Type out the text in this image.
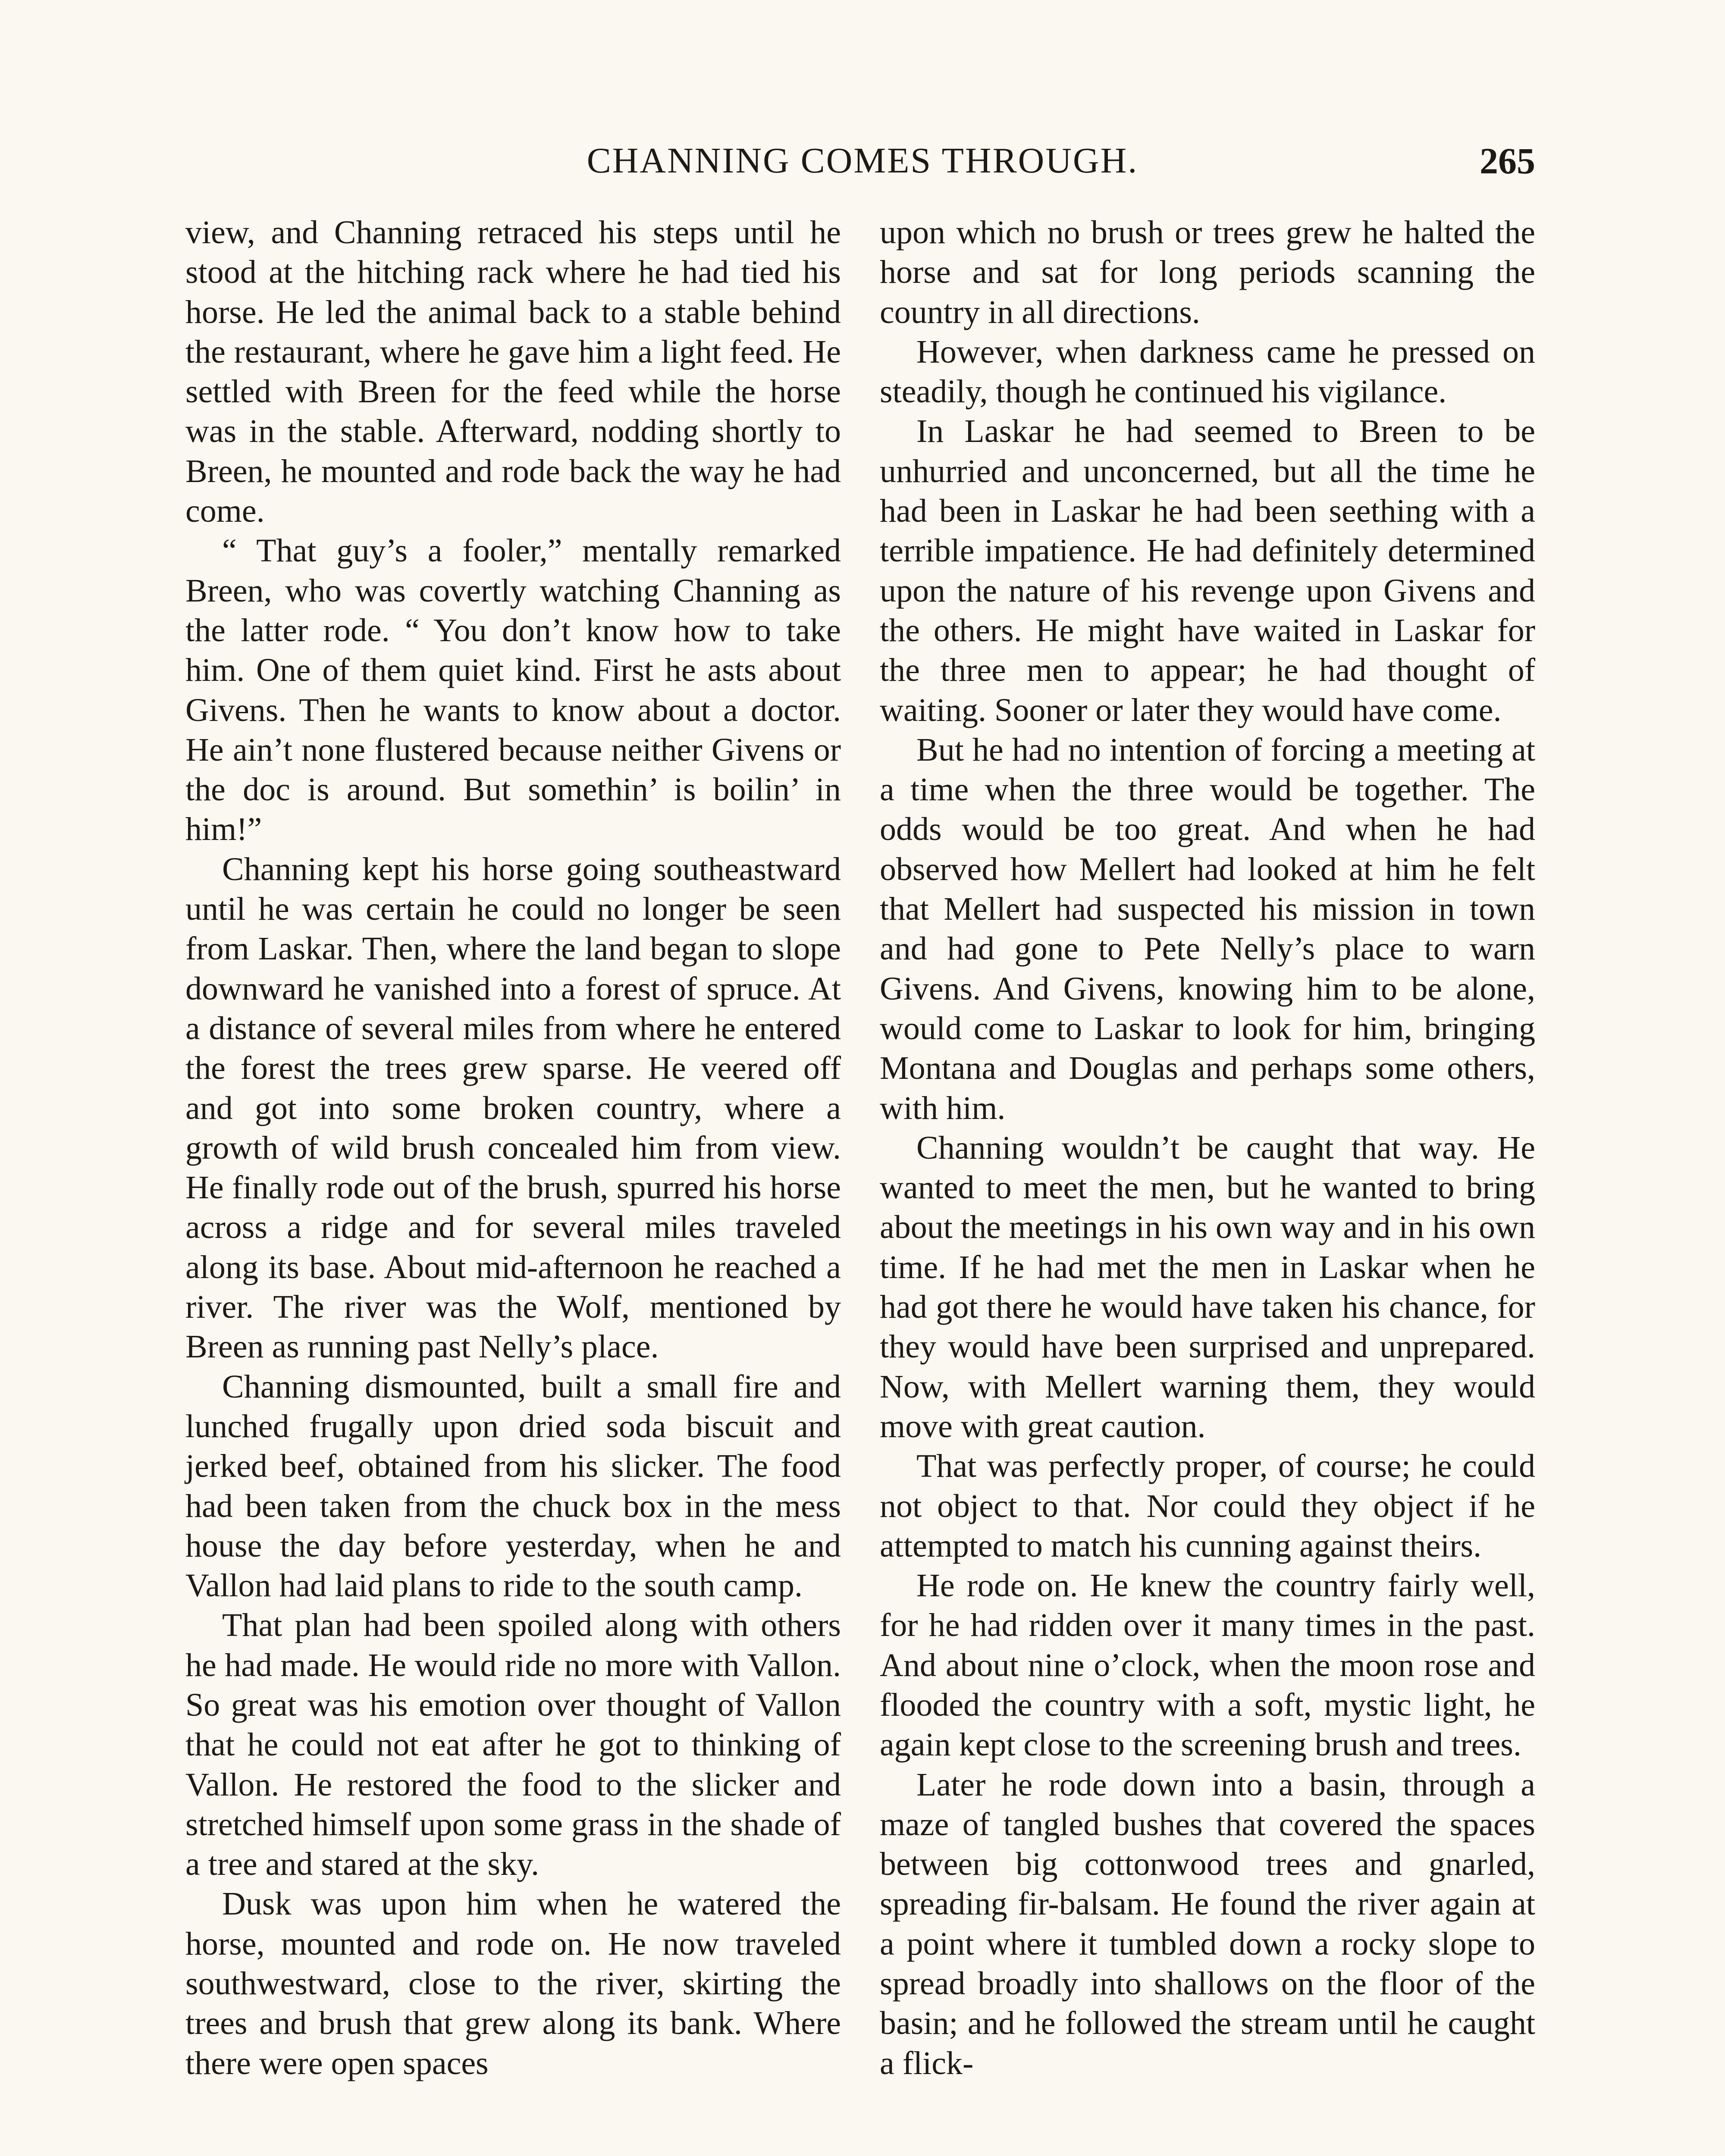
CHANNING COMES THROUGH.	265

view, and Channing retraced his steps until he stood at the hitching rack where he had tied his horse. He led the animal back to a stable behind the restaurant, where he gave him a light feed. He settled with Breen for the feed while the horse was in the stable. Afterward, nodding shortly to Breen, he mounted and rode back the way he had come.

“ That guy’s a fooler,” mentally remarked Breen, who was covertly watching Channing as the latter rode. “ You don’t know how to take him. One of them quiet kind. First he asts about Givens. Then he wants to know about a doctor. He ain’t none flustered because neither Givens or the doc is around. But somethin’ is boilin’ in him!”

Channing kept his horse going southeastward until he was certain he could no longer be seen from Laskar. Then, where the land began to slope downward he vanished into a forest of spruce. At a distance of several miles from where he entered the forest the trees grew sparse. He veered off and got into some broken country, where a growth of wild brush concealed him from view. He finally rode out of the brush, spurred his horse across a ridge and for several miles traveled along its base. About mid-afternoon he reached a river. The river was the Wolf, mentioned by Breen as running past Nelly’s place.

Channing dismounted, built a small fire and lunched frugally upon dried soda biscuit and jerked beef, obtained from his slicker. The food had been taken from the chuck box in the mess house the day before yesterday, when he and Vallon had laid plans to ride to the south camp.

That plan had been spoiled along with others he had made. He would ride no more with Vallon. So great was his emotion over thought of Vallon that he could not eat after he got to thinking of Vallon. He restored the food to the slicker and stretched himself upon some grass in the shade of a tree and stared at the sky.

Dusk was upon him when he watered the horse, mounted and rode on. He now traveled southwestward, close to the river, skirting the trees and brush that grew along its bank. Where there were open spaces

upon which no brush or trees grew he halted the horse and sat for long periods scanning the country in all directions.

However, when darkness came he pressed on steadily, though he continued his vigilance.

In Laskar he had seemed to Breen to be unhurried and unconcerned, but all the time he had been in Laskar he had been seething with a terrible impatience. He had definitely determined upon the nature of his revenge upon Givens and the others. He might have waited in Laskar for the three men to appear; he had thought of waiting. Sooner or later they would have come.

But he had no intention of forcing a meeting at a time when the three would be together. The odds would be too great. And when he had observed how Mellert had looked at him he felt that Mellert had suspected his mission in town and had gone to Pete Nelly’s place to warn Givens. And Givens, knowing him to be alone, would come to Laskar to look for him, bringing Montana and Douglas and perhaps some others, with him.

Channing wouldn’t be caught that way. He wanted to meet the men, but he wanted to bring about the meetings in his own way and in his own time. If he had met the men in Laskar when he had got there he would have taken his chance, for they would have been surprised and unprepared. Now, with Mellert warning them, they would move with great caution.

That was perfectly proper, of course; he could not object to that. Nor could they object if he attempted to match his cunning against theirs.

He rode on. He knew the country fairly well, for he had ridden over it many times in the past. And about nine o’clock, when the moon rose and flooded the country with a soft, mystic light, he again kept close to the screening brush and trees.

Later he rode down into a basin, through a maze of tangled bushes that covered the spaces between big cottonwood trees and gnarled, spreading fir-balsam. He found the river again at a point where it tumbled down a rocky slope to spread broadly into shallows on the floor of the basin; and he followed the stream until he caught a flick-
